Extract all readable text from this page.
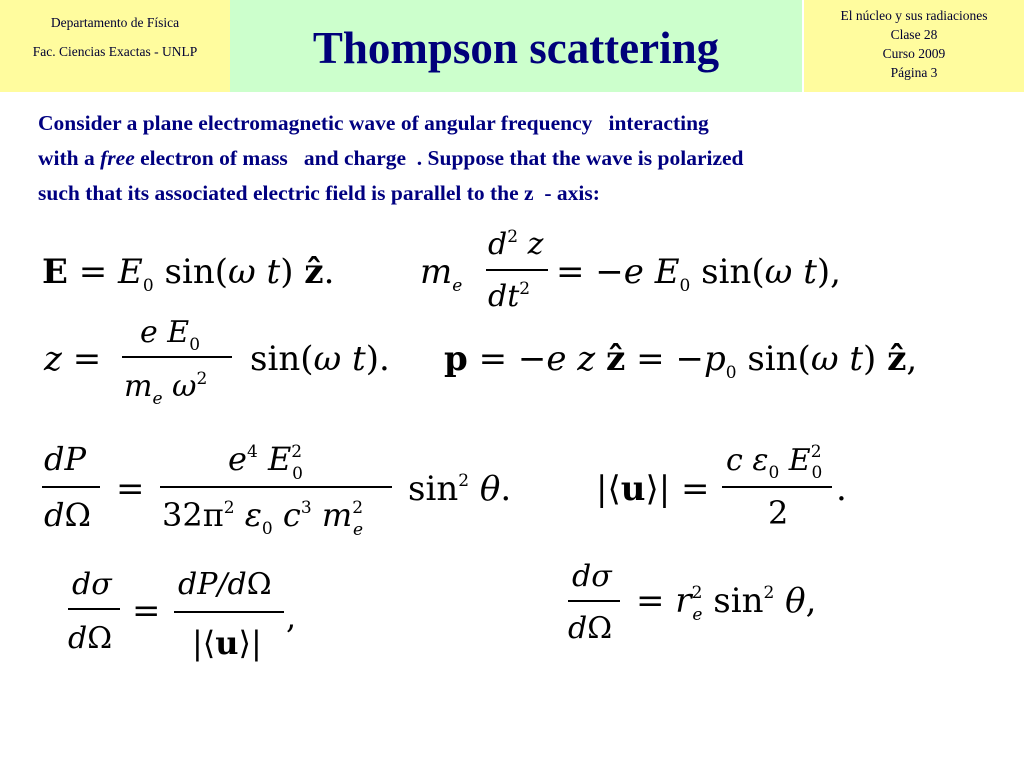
Departamento de Física
Fac. Ciencias Exactas - UNLP	Thompson scattering
El núcleo y sus radiaciones
Clase 28
Curso 2009
Página 3
Consider a plane electromagnetic wave of angular frequency   interacting
with a free electron of mass   and charge  . Suppose that the wave is polarized
such that its associated electric field is parallel to the z  - axis:
$E = E_0$ sin(ω t) ẑ.	$m_e$
$d^2$ z
$dt^2 = -e$ $E_0$ sin(ω t),
z =
e $E_0$
$m_e$ $\omega^2$ sin(ω t). p = −e z ẑ = $-p_0$ sin(ω t) ẑ,
dP
dΩ
=
$e^4$ $E^2$ 0
$32\pi^2$ $\varepsilon_0$ $c^3$ $m^2$ e
$\sin^2 \theta$. |⟨u⟩| =
c $\varepsilon_0$ $E^2$ 0
2
.
dσ
dΩ
=
dP/dΩ
|⟨u⟩|
,
dσ
dΩ
= $r^2$ e $\sin^2 \theta$,
